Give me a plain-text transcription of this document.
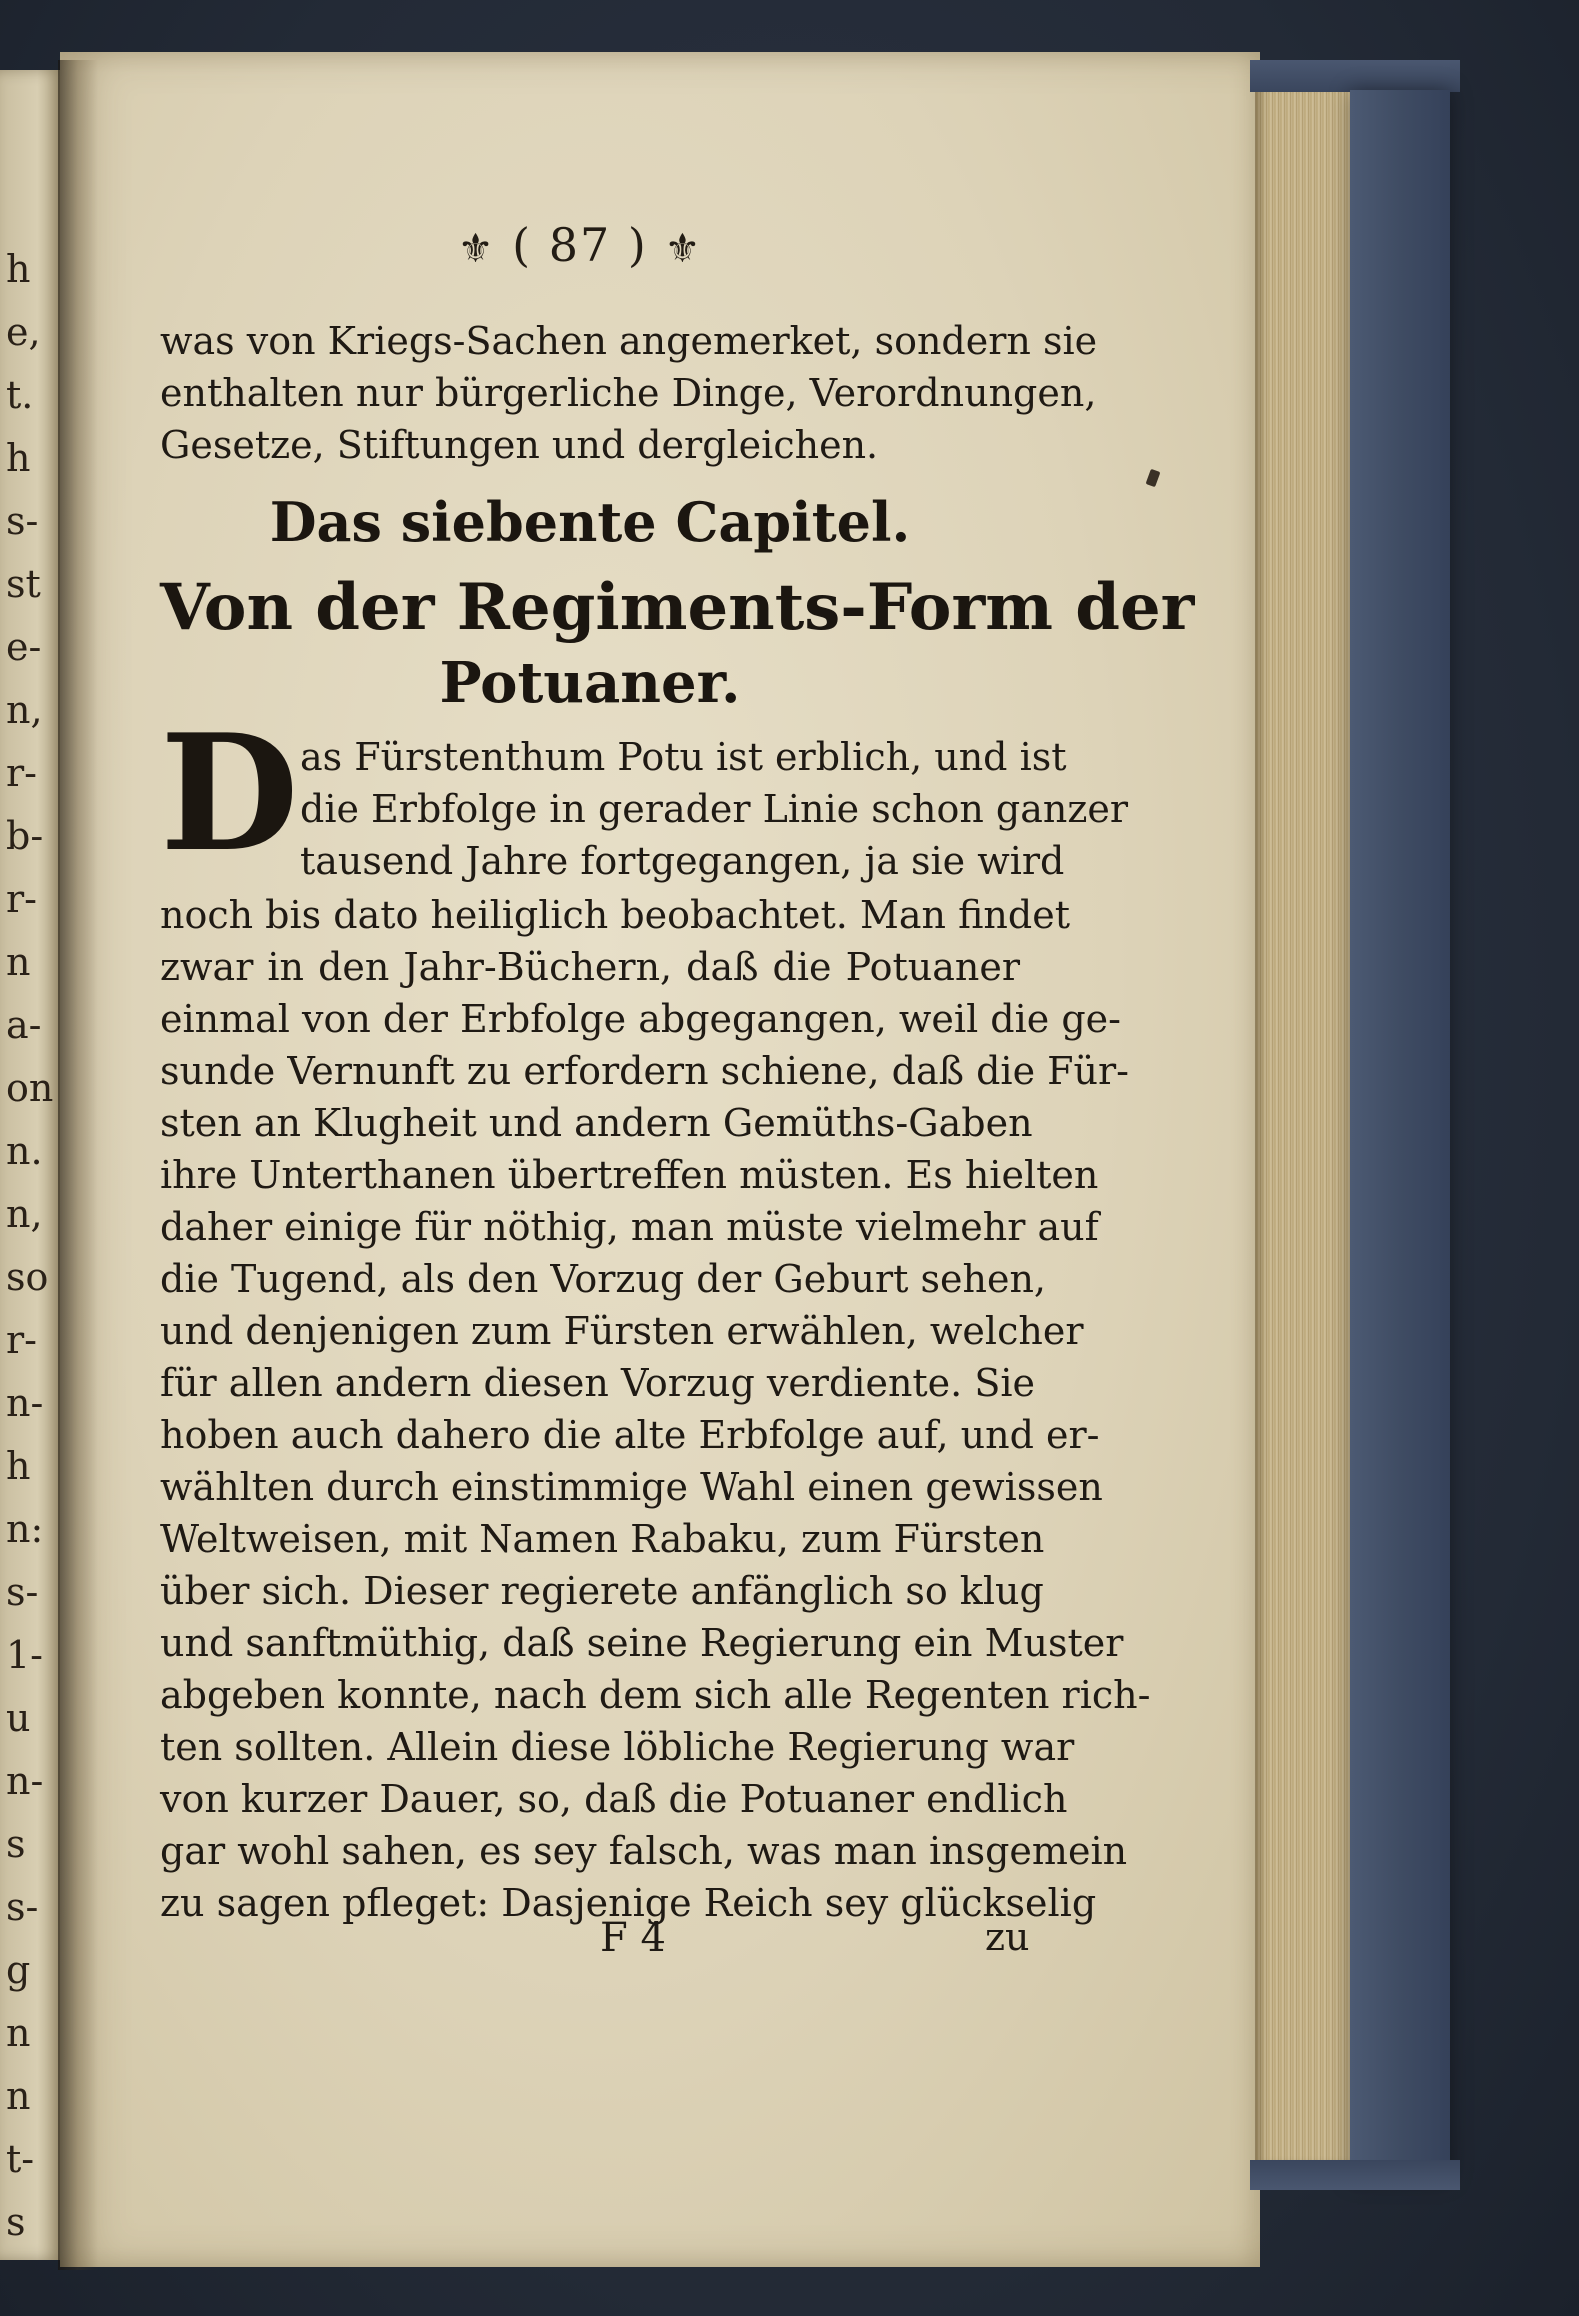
h
e,
t.
h
s-
st
e-
n,
r-
b-
r-
n
a-
on
n.
n,
so
r-
n-
h
n:
s-
1-
u
n-
s
s-
g
n
n
t-
s
⚜ ( 87 ) ⚜
was von Kriegs-Sachen angemerket, sondern sie
enthalten nur bürgerliche Dinge, Verordnungen,
Gesetze, Stiftungen und dergleichen.
Das siebente Capitel.
Von der Regiments-Form der
Potuaner.
D as Fürstenthum Potu ist erblich, und ist
die Erbfolge in gerader Linie schon ganzer
tausend Jahre fortgegangen, ja sie wird
noch bis dato heiliglich beobachtet. Man findet
zwar in den Jahr-Büchern, daß die Potuaner
einmal von der Erbfolge abgegangen, weil die ge-
sunde Vernunft zu erfordern schiene, daß die Für-
sten an Klugheit und andern Gemüths-Gaben
ihre Unterthanen übertreffen müsten. Es hielten
daher einige für nöthig, man müste vielmehr auf
die Tugend, als den Vorzug der Geburt sehen,
und denjenigen zum Fürsten erwählen, welcher
für allen andern diesen Vorzug verdiente. Sie
hoben auch dahero die alte Erbfolge auf, und er-
wählten durch einstimmige Wahl einen gewissen
Weltweisen, mit Namen Rabaku, zum Fürsten
über sich. Dieser regierete anfänglich so klug
und sanftmüthig, daß seine Regierung ein Muster
abgeben konnte, nach dem sich alle Regenten rich-
ten sollten. Allein diese löbliche Regierung war
von kurzer Dauer, so, daß die Potuaner endlich
gar wohl sahen, es sey falsch, was man insgemein
zu sagen pfleget: Dasjenige Reich sey glückselig
F 4	zu
